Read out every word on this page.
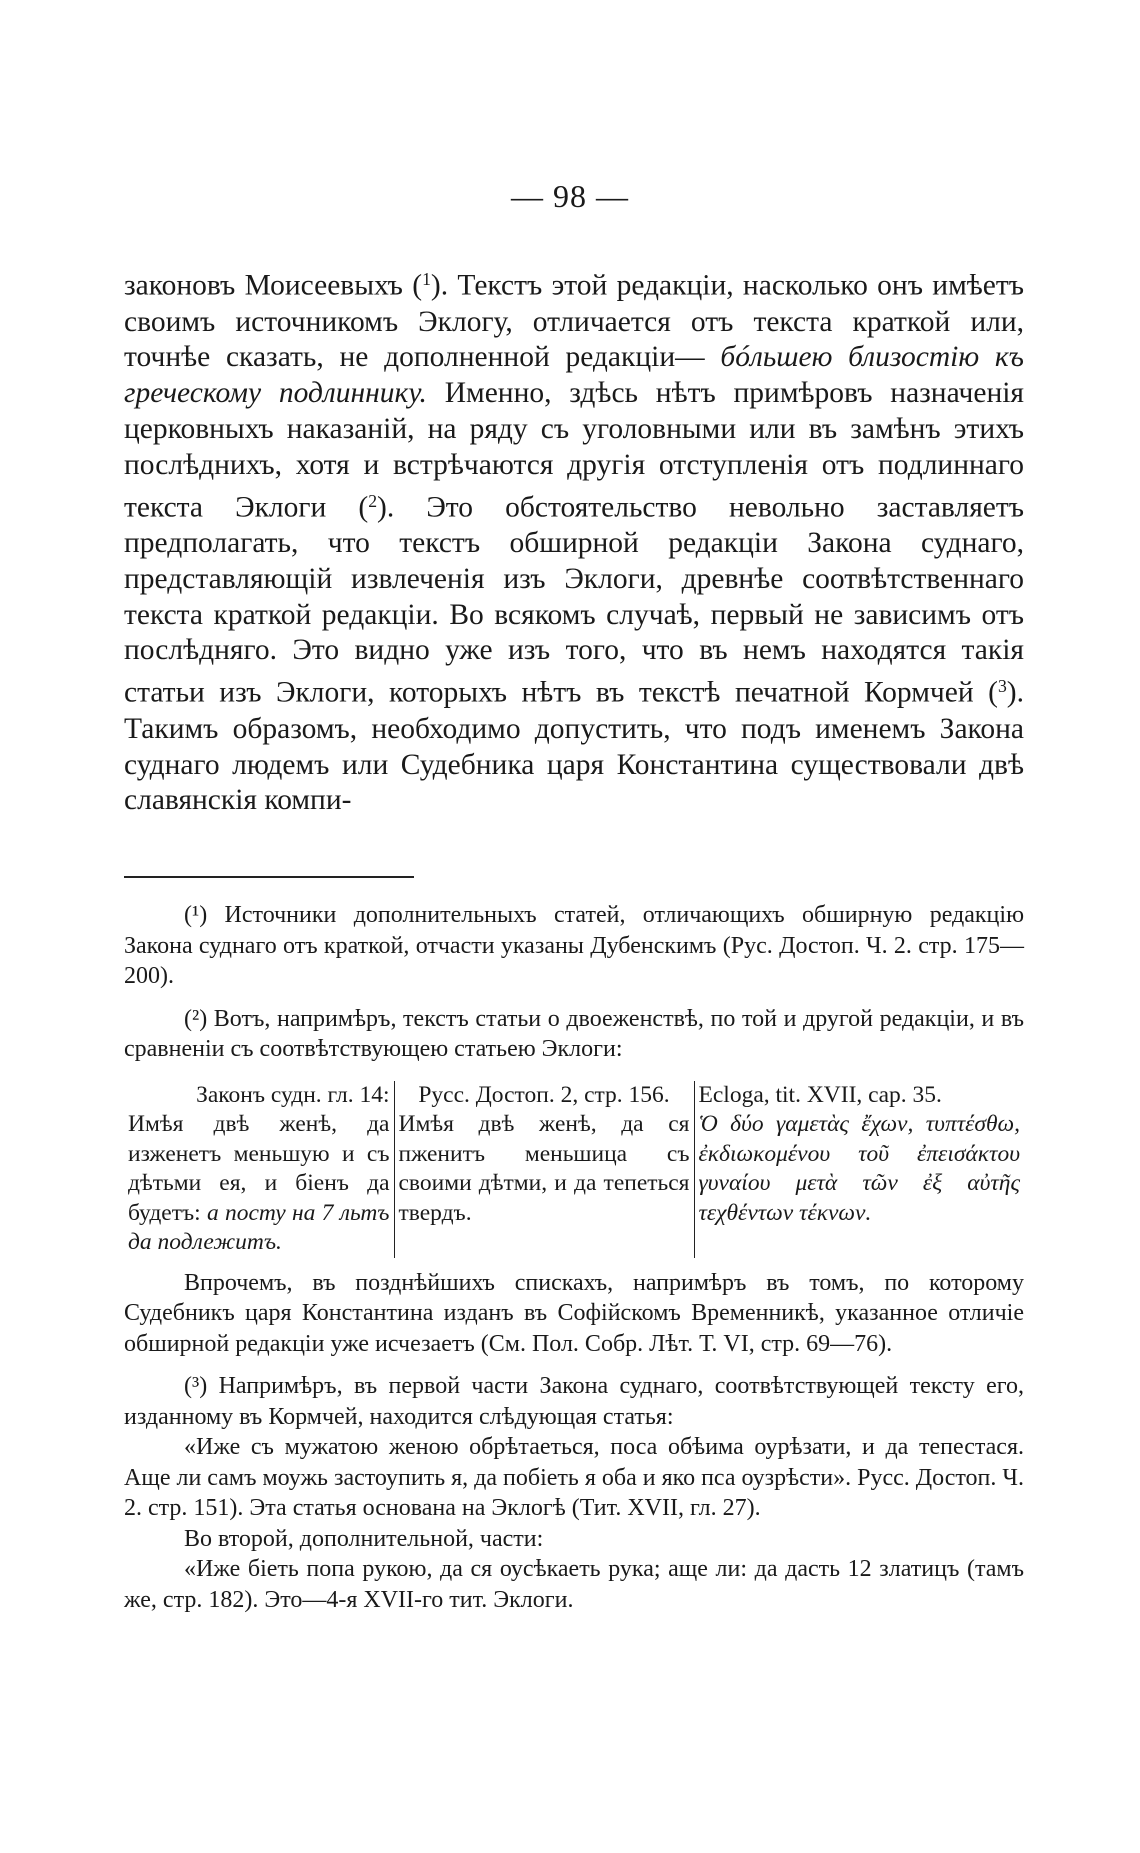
— 98 —

законовъ Моисеевыхъ ($^1$). Текстъ этой редакціи, насколько онъ имѣетъ своимъ источникомъ Эклогу, отличается отъ текста краткой или, точнѣе сказать, не дополненной редакціи— бóльшею близостію къ греческому подлиннику. Именно, здѣсь нѣтъ примѣровъ назначенія церковныхъ наказаній, на ряду съ уголовными или въ замѣнъ этихъ послѣднихъ, хотя и встрѣчаются другія отступленія отъ подлиннаго текста Эклоги ($^2$). Это обстоятельство невольно заставляетъ предполагать, что текстъ обширной редакціи Закона суднаго, представляющій извлеченія изъ Эклоги, древнѣе соотвѣтственнаго текста краткой редакціи. Во всякомъ случаѣ, первый не зависимъ отъ послѣдняго. Это видно уже изъ того, что въ немъ находятся такія статьи изъ Эклоги, которыхъ нѣтъ въ текстѣ печатной Кормчей ($^3$). Такимъ образомъ, необходимо допустить, что подъ именемъ Закона суднаго людемъ или Судебника царя Константина существовали двѣ славянскія компи-

(¹) Источники дополнительныхъ статей, отличающихъ обширную редакцію Закона суднаго отъ краткой, отчасти указаны Дубенскимъ (Рус. Достоп. Ч. 2. стр. 175—200).

(²) Вотъ, напримѣръ, текстъ статьи о двоеженствѣ, по той и другой редакціи, и въ сравненіи съ соотвѣтствующею статьею Эклоги:

Законъ судн. гл. 14:	Русс. Достоп. 2, стр. 156.	Ecloga, tit. XVII, cap. 35.
Имѣя двѣ женѣ, да изженетъ меньшую и съ дѣтьми ея, и біенъ да будетъ: а посту на 7 льтъ да подлежитъ.	Имѣя двѣ женѣ, да ся пженитъ меньшица съ своими дѣтми, и да тепеться твердъ.	Ὁ δύο γαμετὰς ἔχων, τυπτέσθω, ἐκδιωκομένου τοῦ ἐπεισάκτου γυναίου μετὰ τῶν ἐξ αὐτῆς τεχθέντων τέκνων.

Впрочемъ, въ позднѣйшихъ спискахъ, напримѣръ въ томъ, по которому Судебникъ царя Константина изданъ въ Софійскомъ Временникѣ, указанное отличіе обширной редакціи уже исчезаетъ (См. Пол. Собр. Лѣт. Т. VI, стр. 69—76).

(³) Напримѣръ, въ первой части Закона суднаго, соотвѣтствующей тексту его, изданному въ Кормчей, находится слѣдующая статья:

«Иже съ мужатою женою обрѣтаеться, поса обѣима оурѣзати, и да тепестася. Аще ли самъ моужь застоупить я, да побіеть я оба и яко пса оузрѣсти». Русс. Достоп. Ч. 2. стр. 151). Эта статья основана на Эклогѣ (Тит. XVII, гл. 27).

Во второй, дополнительной, части:

«Иже біеть попа рукою, да ся оусѣкаеть рука; аще ли: да дасть 12 златицъ (тамъ же, стр. 182). Это—4-я XVII-го тит. Эклоги.
